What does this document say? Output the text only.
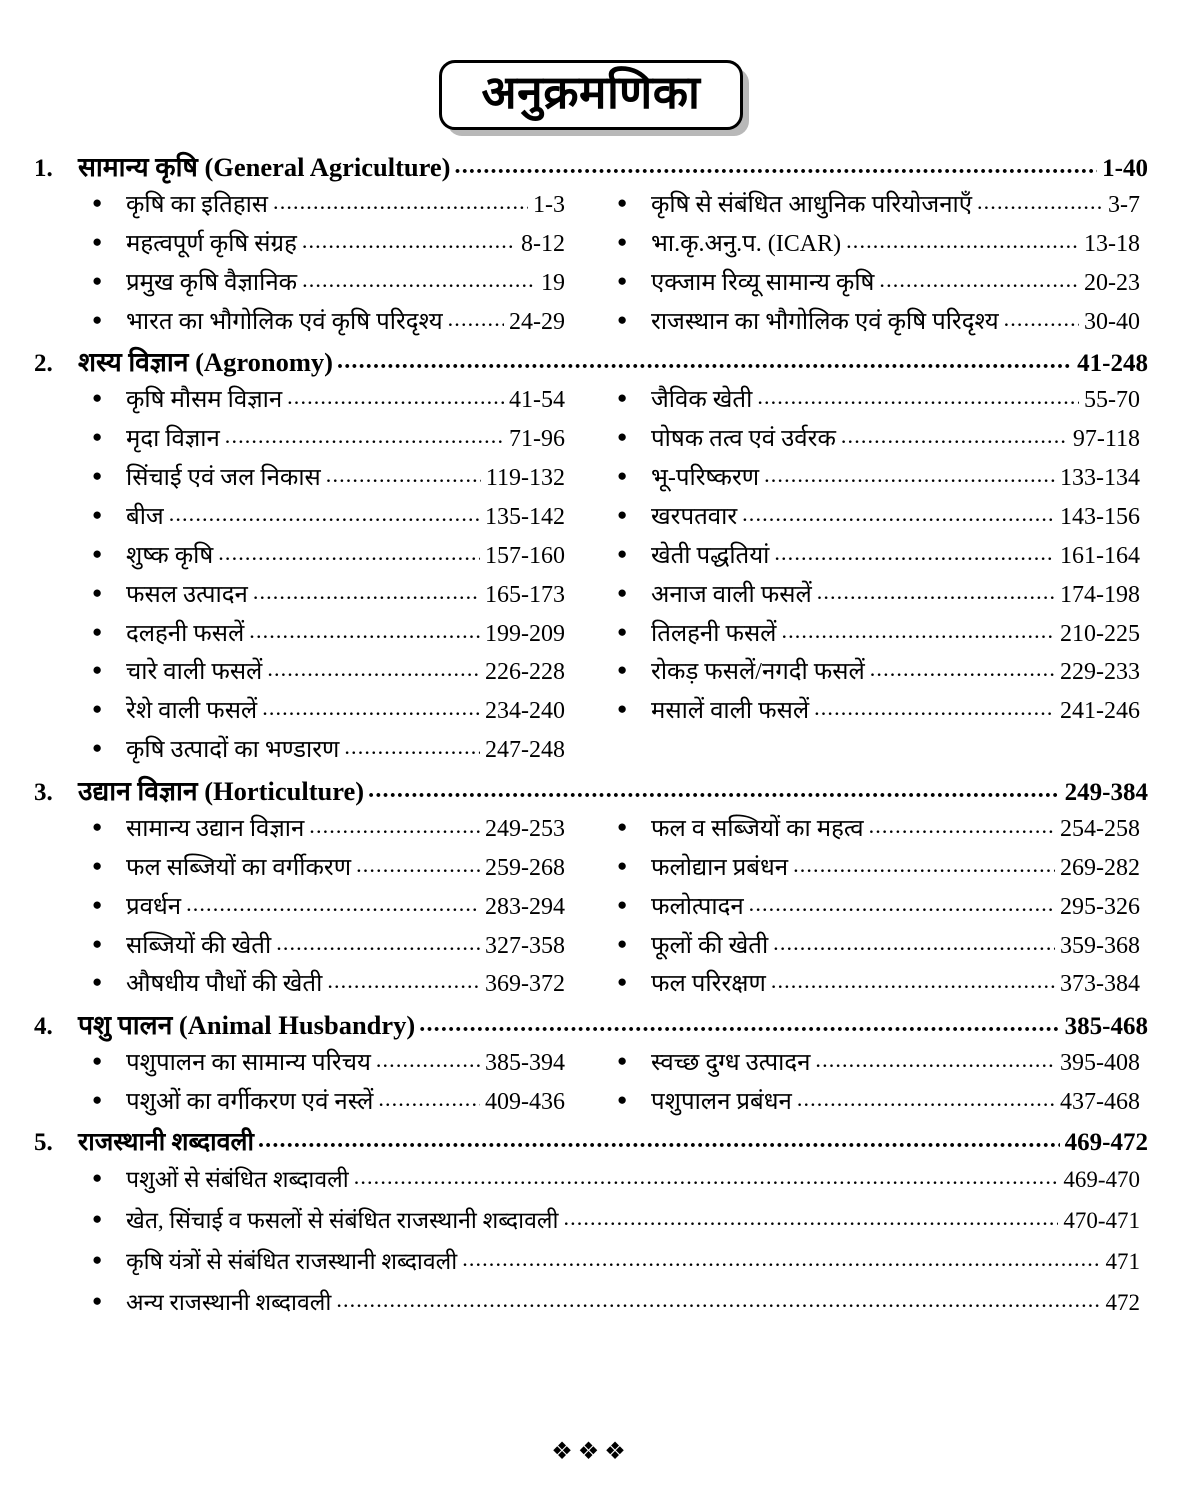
अनुक्रमणिका
1. सामान्य कृषि (General Agriculture) .....	1-40
●
कृषि का इतिहास .....	1-3
●
महत्वपूर्ण कृषि संग्रह .....	8-12
●
प्रमुख कृषि वैज्ञानिक .....	19
●
भारत का भौगोलिक एवं कृषि परिदृश्य .....	24-29
●
कृषि से संबंधित आधुनिक परियोजनाएँ .....	3-7
●
भा.कृ.अनु.प. (ICAR) .....	13-18
●
एक्जाम रिव्यू सामान्य कृषि .....	20-23
●
राजस्थान का भौगोलिक एवं कृषि परिदृश्य .....	30-40
2. शस्य विज्ञान (Agronomy) .....	41-248
●
कृषि मौसम विज्ञान .....	41-54
●
मृदा विज्ञान .....	71-96
●
सिंचाई एवं जल निकास .....	119-132
●
बीज .....	135-142
●
शुष्क कृषि .....	157-160
●
फसल उत्पादन .....	165-173
●
दलहनी फसलें .....	199-209
●
चारे वाली फसलें .....	226-228
●
रेशे वाली फसलें .....	234-240
●
कृषि उत्पादों का भण्डारण .....	247-248
●
जैविक खेती .....	55-70
●
पोषक तत्व एवं उर्वरक .....	97-118
●
भू-परिष्करण .....	133-134
●
खरपतवार .....	143-156
●
खेती पद्धतियां .....	161-164
●
अनाज वाली फसलें .....	174-198
●
तिलहनी फसलें .....	210-225
●
रोकड़ फसलें/नगदी फसलें .....	229-233
●
मसालें वाली फसलें .....	241-246
3. उद्यान विज्ञान (Horticulture) .....	249-384
●
सामान्य उद्यान विज्ञान .....	249-253
●
फल सब्जियों का वर्गीकरण .....	259-268
●
प्रवर्धन .....	283-294
●
सब्जियों की खेती .....	327-358
●
औषधीय पौधों की खेती .....	369-372
●
फल व सब्जियों का महत्व .....	254-258
●
फलोद्यान प्रबंधन .....	269-282
●
फलोत्पादन .....	295-326
●
फूलों की खेती .....	359-368
●
फल परिरक्षण .....	373-384
4. पशु पालन (Animal Husbandry) .....	385-468
●
पशुपालन का सामान्य परिचय .....	385-394
●
पशुओं का वर्गीकरण एवं नस्लें .....	409-436
●
स्वच्छ दुग्ध उत्पादन .....	395-408
●
पशुपालन प्रबंधन .....	437-468
5.	राजस्थानी शब्दावली .....	469-472
●
पशुओं से संबंधित शब्दावली .....	469-470
●
खेत, सिंचाई व फसलों से संबंधित राजस्थानी शब्दावली .....	470-471
●
कृषि यंत्रों से संबंधित राजस्थानी शब्दावली .....	471
●
अन्य राजस्थानी शब्दावली .....	472
❖❖❖
